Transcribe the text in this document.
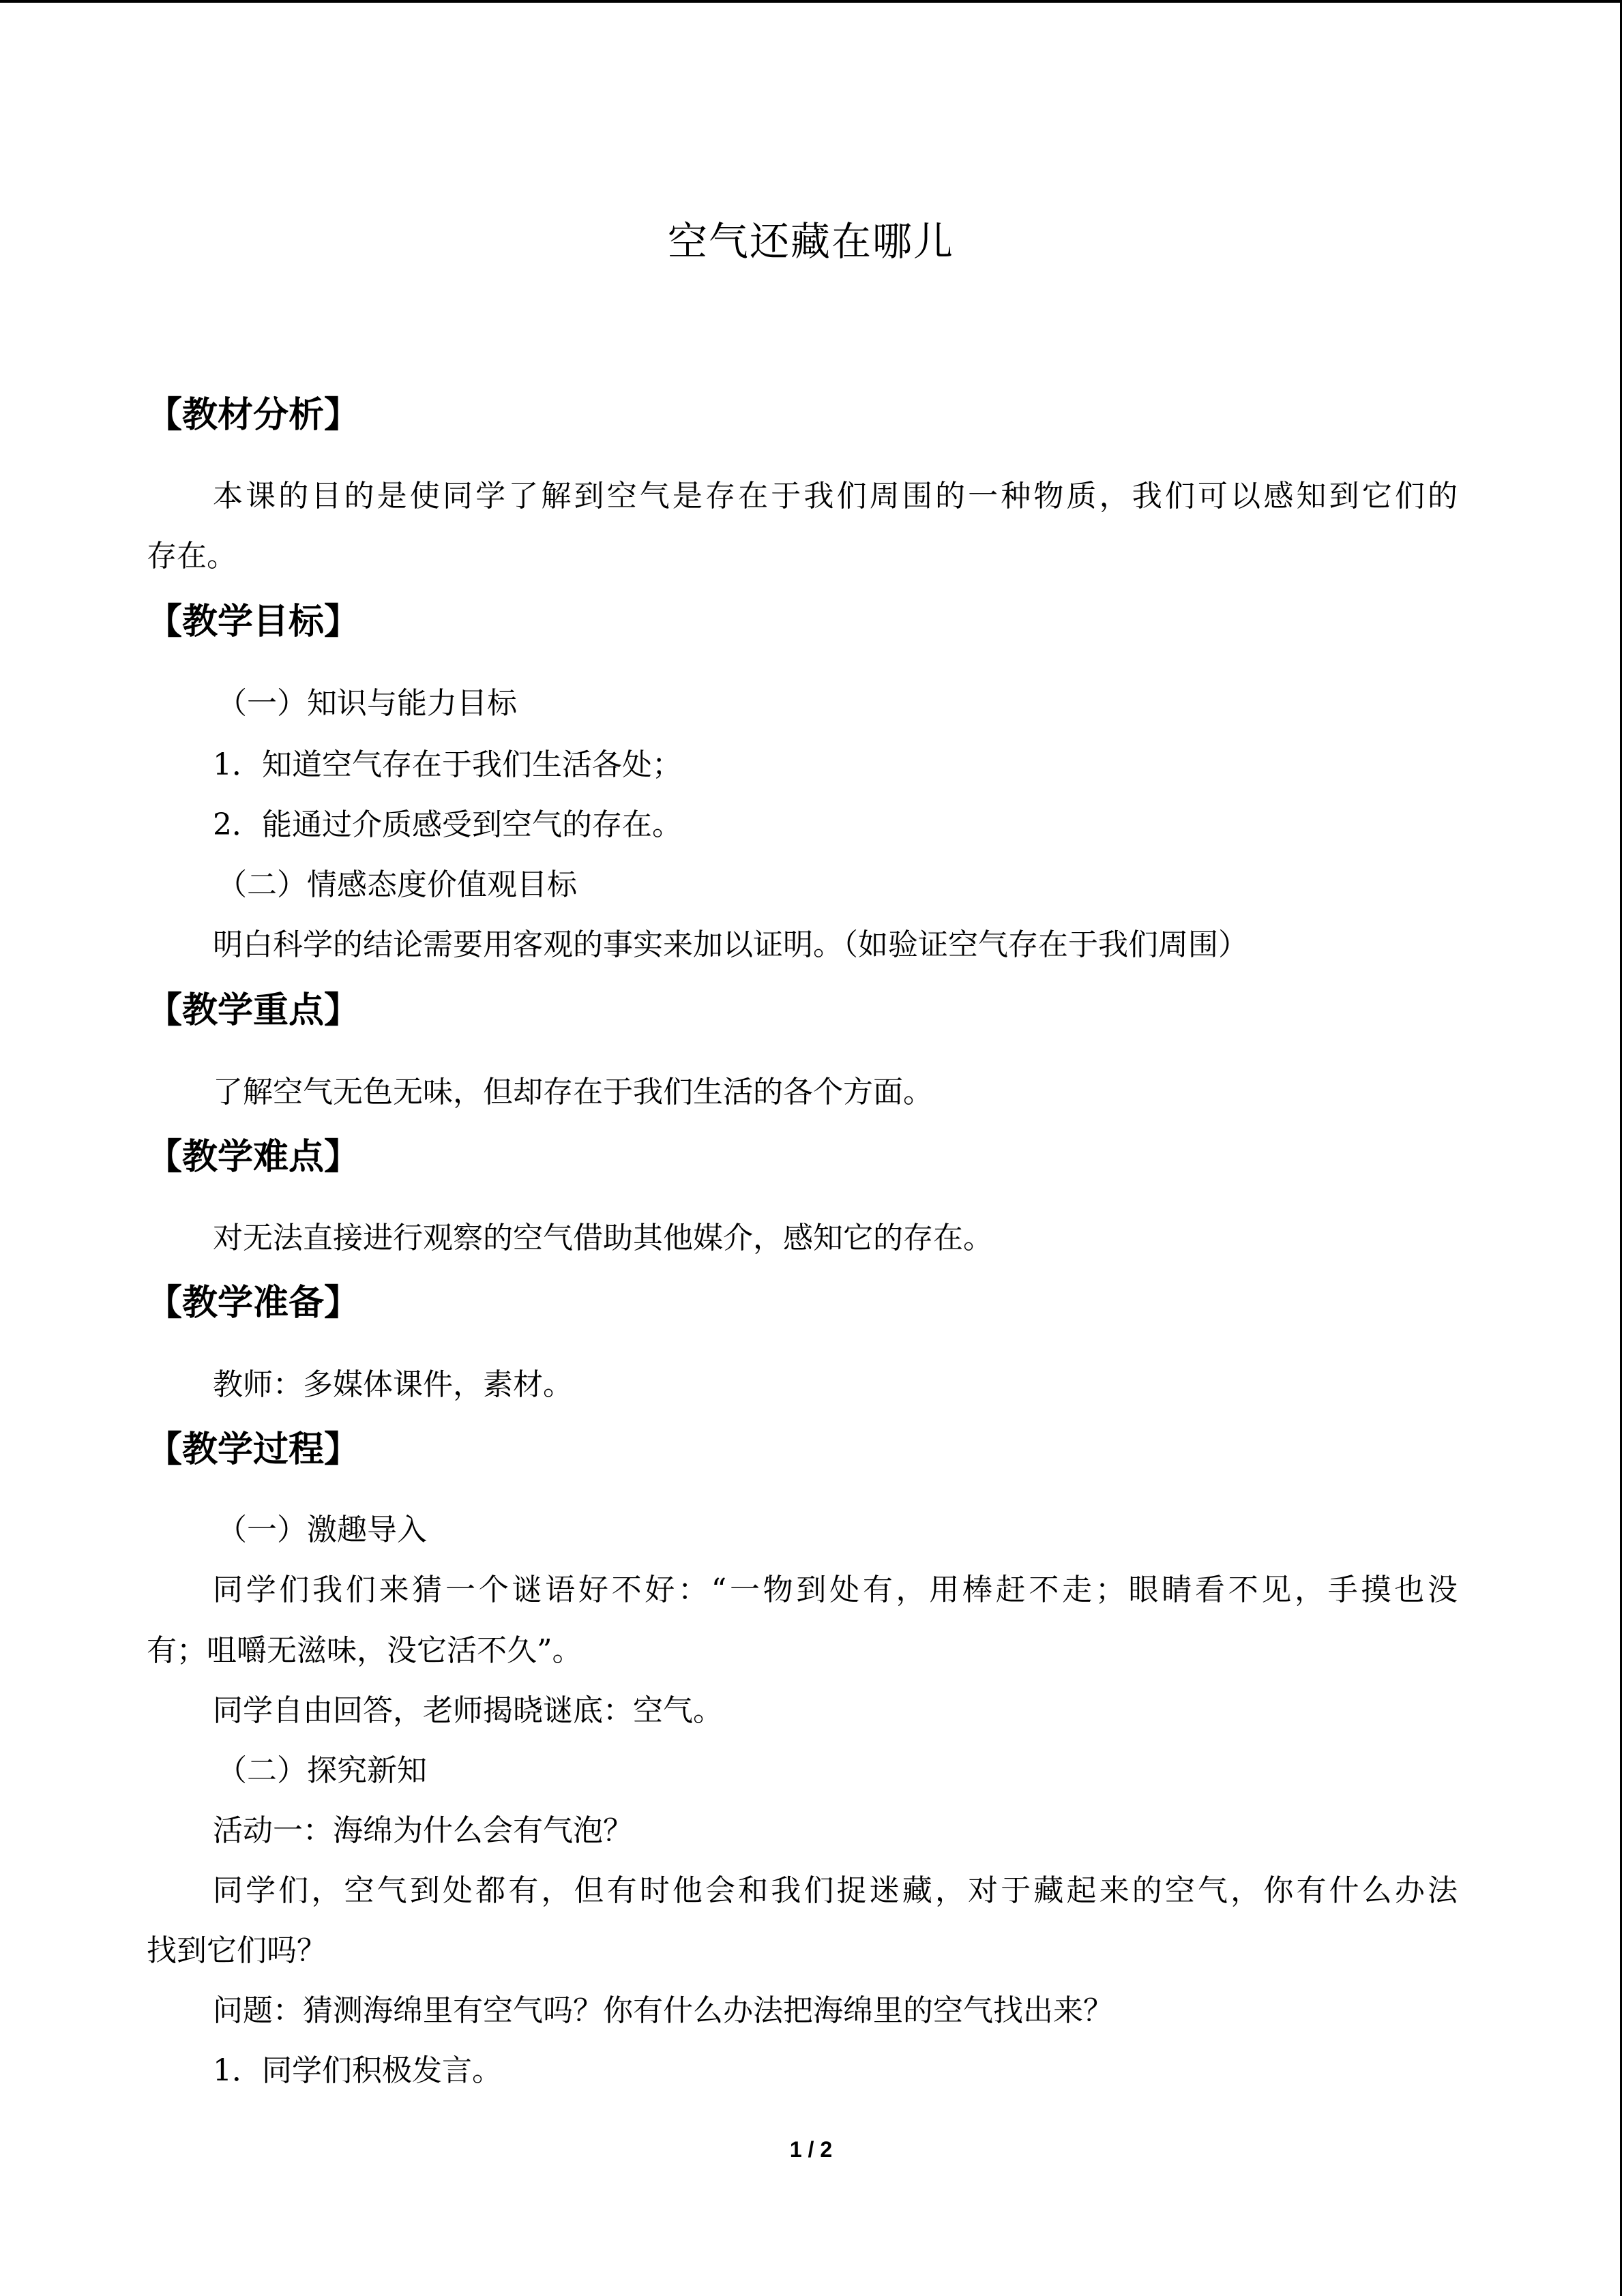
空气还藏在哪儿
【教材分析】
本课的目的是使同学了解到空气是存在于我们周围的一种物质，我们可以感知到它们的
存在。
【教学目标】
（一）知识与能力目标
1．知道空气存在于我们生活各处；
2．能通过介质感受到空气的存在。
（二）情感态度价值观目标
明白科学的结论需要用客观的事实来加以证明。（如验证空气存在于我们周围）
【教学重点】
了解空气无色无味，但却存在于我们生活的各个方面。
【教学难点】
对无法直接进行观察的空气借助其他媒介，感知它的存在。
【教学准备】
教师：多媒体课件，素材。
【教学过程】
（一）激趣导入
同学们我们来猜一个谜语好不好：“一物到处有，用棒赶不走；眼睛看不见，手摸也没
有；咀嚼无滋味，没它活不久”。
同学自由回答，老师揭晓谜底：空气。
（二）探究新知
活动一：海绵为什么会有气泡？
同学们，空气到处都有，但有时他会和我们捉迷藏，对于藏起来的空气，你有什么办法
找到它们吗？
问题：猜测海绵里有空气吗？你有什么办法把海绵里的空气找出来？
1．同学们积极发言。
1 / 2
